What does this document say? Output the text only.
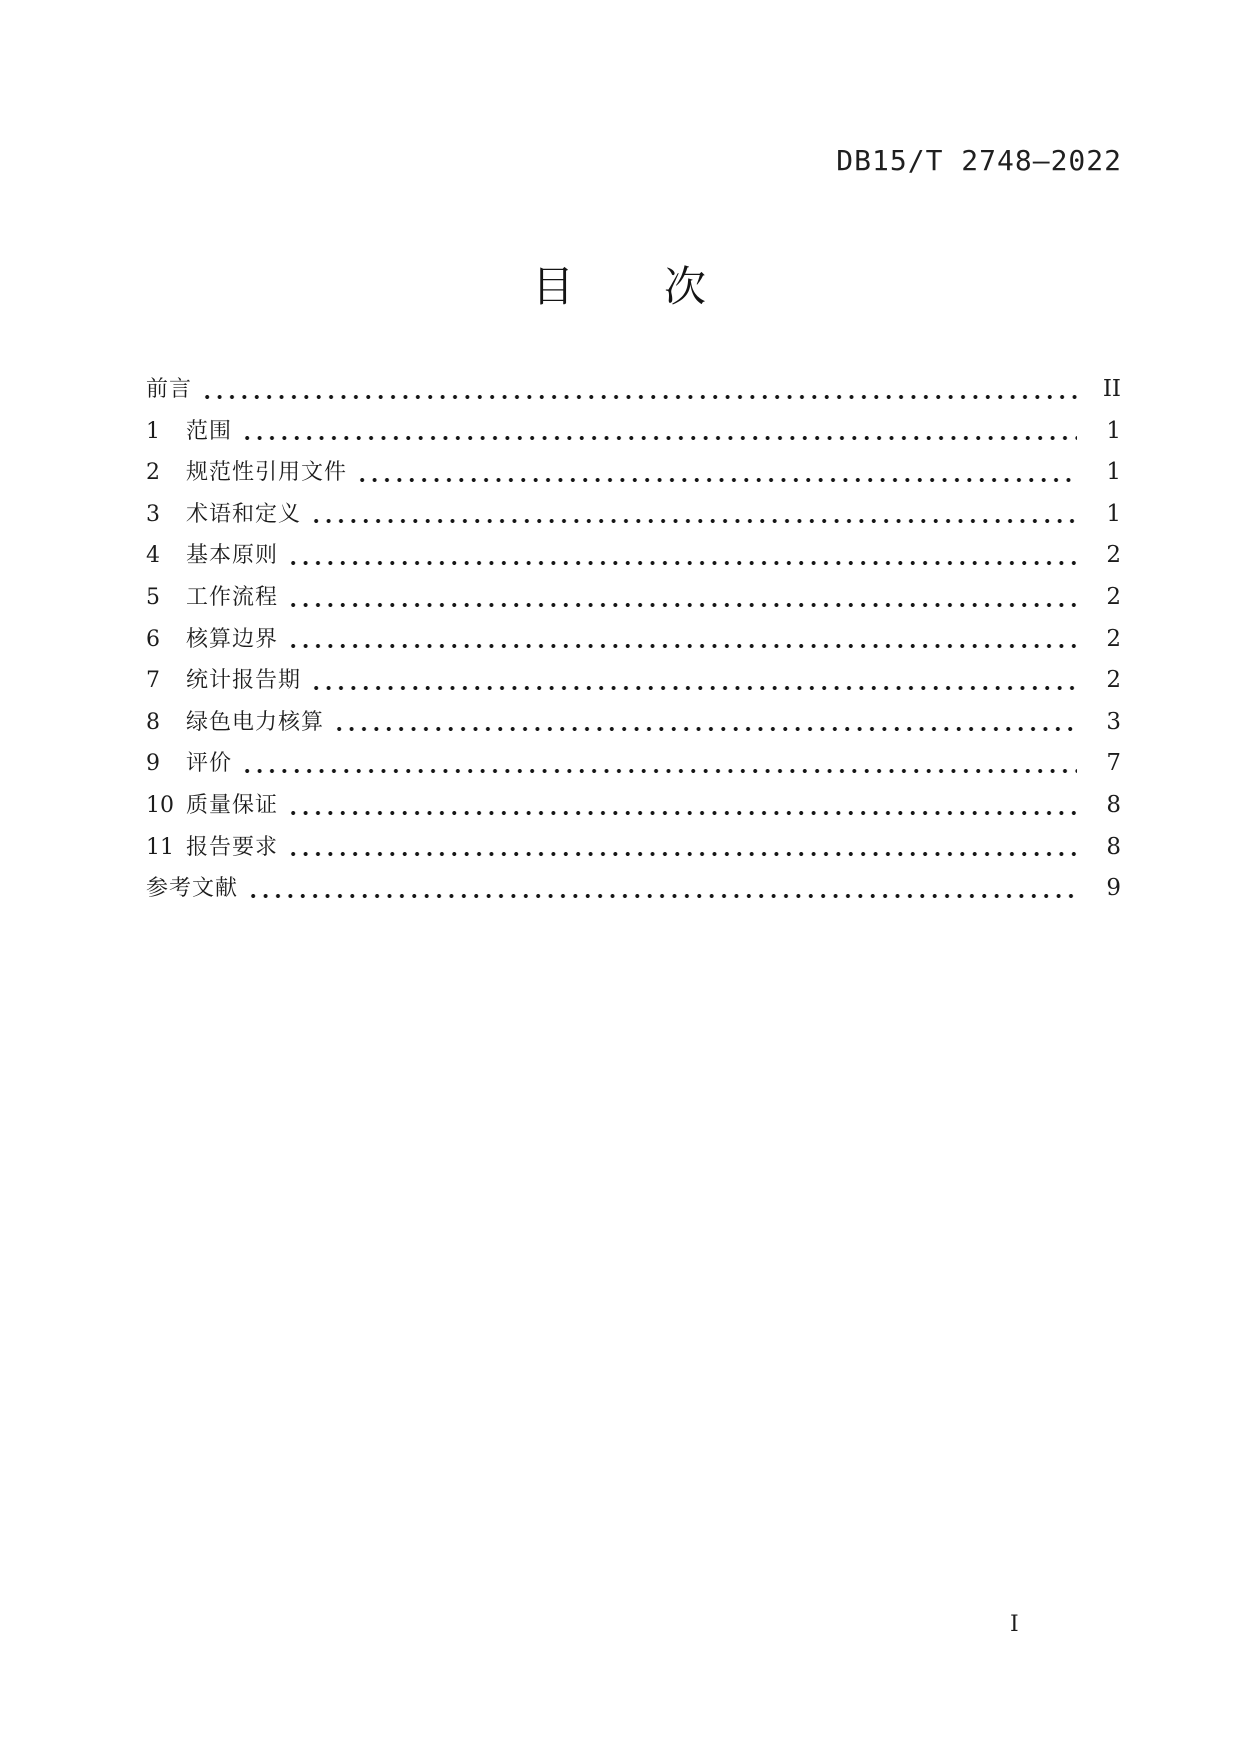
DB15/T 2748—2022
目　　次
前言	II
1	范围	1
2	规范性引用文件	1
3	术语和定义	1
4	基本原则	2
5	工作流程	2
6	核算边界	2
7	统计报告期	2
8	绿色电力核算	3
9	评价	7
10 质量保证	8
11 报告要求	8
参考文献	9
I
